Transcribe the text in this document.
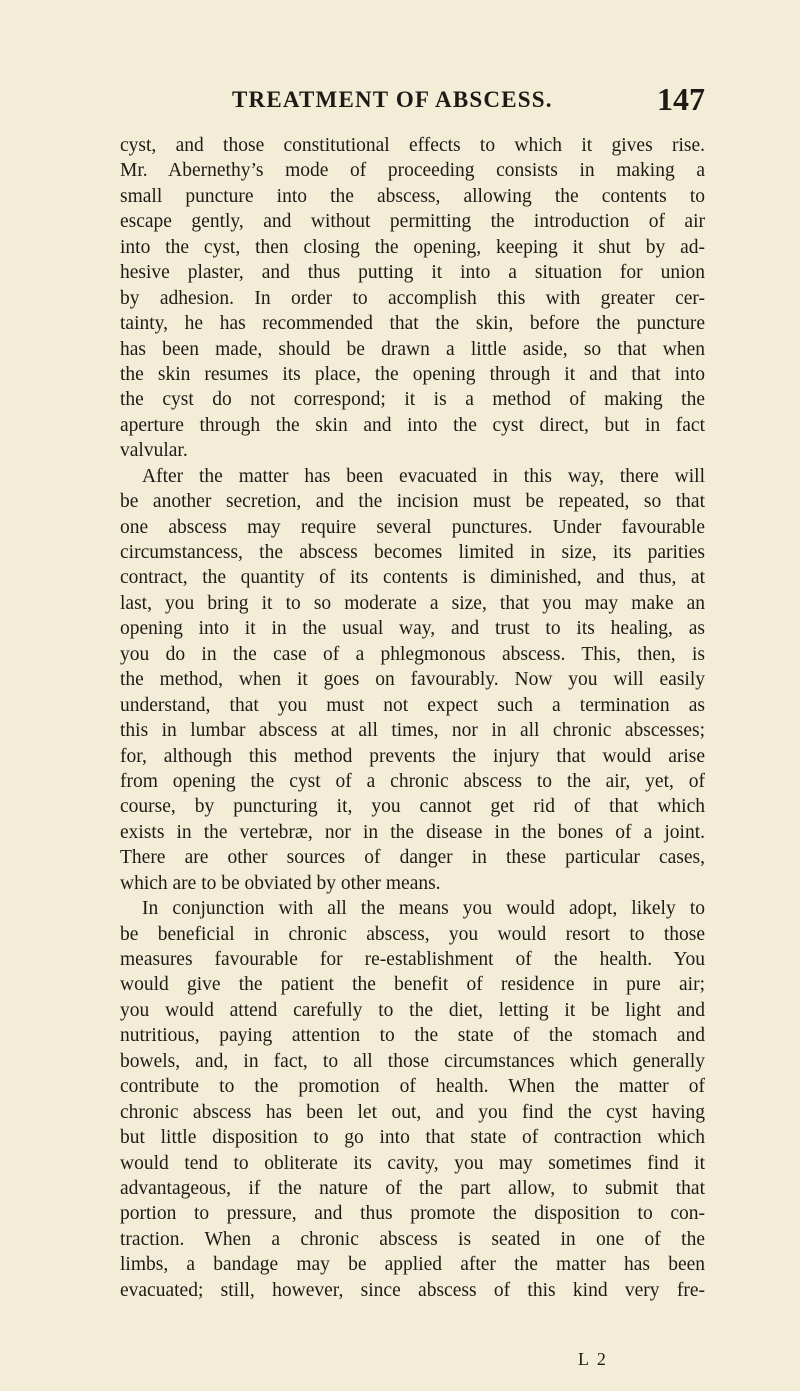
TREATMENT OF ABSCESS.	147
cyst, and those constitutional effects to which it gives rise.
Mr. Abernethy’s mode of proceeding consists in making a
small puncture into the abscess, allowing the contents to
escape gently, and without permitting the introduction of air
into the cyst, then closing the opening, keeping it shut by ad-
hesive plaster, and thus putting it into a situation for union
by adhesion. In order to accomplish this with greater cer-
tainty, he has recommended that the skin, before the puncture
has been made, should be drawn a little aside, so that when
the skin resumes its place, the opening through it and that into
the cyst do not correspond; it is a method of making the
aperture through the skin and into the cyst direct, but in fact
valvular.
After the matter has been evacuated in this way, there will
be another secretion, and the incision must be repeated, so that
one abscess may require several punctures. Under favourable
circumstancess, the abscess becomes limited in size, its parities
contract, the quantity of its contents is diminished, and thus, at
last, you bring it to so moderate a size, that you may make an
opening into it in the usual way, and trust to its healing, as
you do in the case of a phlegmonous abscess. This, then, is
the method, when it goes on favourably. Now you will easily
understand, that you must not expect such a termination as
this in lumbar abscess at all times, nor in all chronic abscesses;
for, although this method prevents the injury that would arise
from opening the cyst of a chronic abscess to the air, yet, of
course, by puncturing it, you cannot get rid of that which
exists in the vertebræ, nor in the disease in the bones of a joint.
There are other sources of danger in these particular cases,
which are to be obviated by other means.
In conjunction with all the means you would adopt, likely to
be beneficial in chronic abscess, you would resort to those
measures favourable for re-establishment of the health. You
would give the patient the benefit of residence in pure air;
you would attend carefully to the diet, letting it be light and
nutritious, paying attention to the state of the stomach and
bowels, and, in fact, to all those circumstances which generally
contribute to the promotion of health. When the matter of
chronic abscess has been let out, and you find the cyst having
but little disposition to go into that state of contraction which
would tend to obliterate its cavity, you may sometimes find it
advantageous, if the nature of the part allow, to submit that
portion to pressure, and thus promote the disposition to con-
traction. When a chronic abscess is seated in one of the
limbs, a bandage may be applied after the matter has been
evacuated; still, however, since abscess of this kind very fre-
L 2
